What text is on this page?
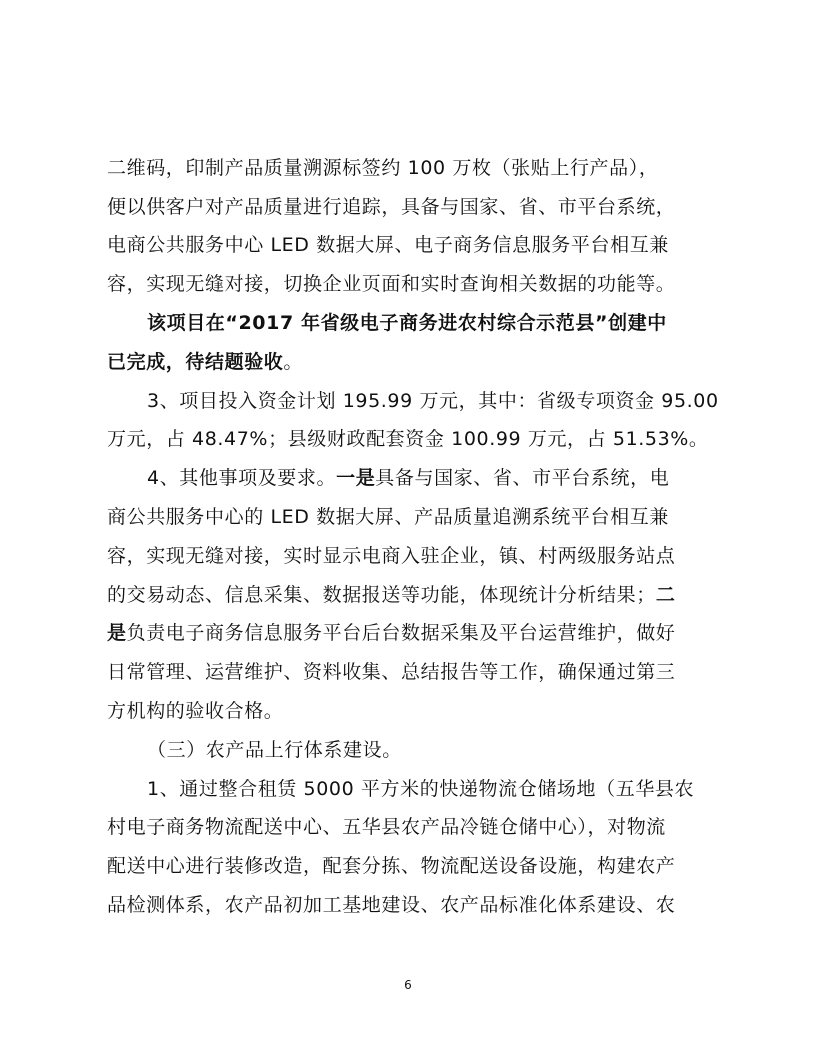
二维码，印制产品质量溯源标签约 100 万枚（张贴上行产品），
便以供客户对产品质量进行追踪，具备与国家、省、市平台系统，
电商公共服务中心 LED 数据大屏、电子商务信息服务平台相互兼
容，实现无缝对接，切换企业页面和实时查询相关数据的功能等。
该项目在“2017 年省级电子商务进农村综合示范县”创建中
已完成，待结题验收。
3、项目投入资金计划 195.99 万元，其中：省级专项资金 95.00
万元，占 48.47%；县级财政配套资金 100.99 万元，占 51.53%。
4、其他事项及要求。一是具备与国家、省、市平台系统，电
商公共服务中心的 LED 数据大屏、产品质量追溯系统平台相互兼
容，实现无缝对接，实时显示电商入驻企业，镇、村两级服务站点
的交易动态、信息采集、数据报送等功能，体现统计分析结果；二
是负责电子商务信息服务平台后台数据采集及平台运营维护，做好
日常管理、运营维护、资料收集、总结报告等工作，确保通过第三
方机构的验收合格。
（三）农产品上行体系建设。
1、通过整合租赁 5000 平方米的快递物流仓储场地（五华县农
村电子商务物流配送中心、五华县农产品冷链仓储中心），对物流
配送中心进行装修改造，配套分拣、物流配送设备设施，构建农产
品检测体系，农产品初加工基地建设、农产品标准化体系建设、农
6
